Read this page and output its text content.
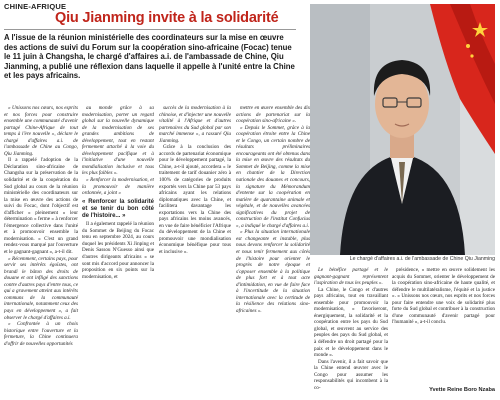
CHINE-AFRIQUE
Qiu Jianming invite à la solidarité

A l'issue de la réunion ministérielle des coordinateurs sur la mise en œuvre des actions de suivi du Forum sur la coopération sino-africaine (Focac) tenue le 11 juin à Changsha, le chargé d'affaires a.i. de l'ambassade de Chine, Qiu Jianming, a publié une réflexion dans laquelle il appelle à l'unité entre la Chine et les pays africains.

« Unissons nos cœurs, nos esprits et nos forces pour construire ensemble une communauté d'avenir partagé Chine-Afrique de tout temps à l'ère nouvelle », déclare le chargé d'affaires a.i. de l'ambassade de Chine au Congo, Qiu Jianming.

Il a rappelé l'adoption de la Déclaration sino-africaine de Changsha sur la préservation de la solidarité et de la coopération du Sud global au cours de la réunion ministérielle des coordinateurs sur la mise en œuvre des actions de suivi du Focac, dont l'objectif est d'afficher « pleinement » leur détermination « ferme » à renforcer l'émergence collective dans l'unité et à promouvoir ensemble la modernisation. « C'est un grand rendez-vous marqué par l'ouverture et le gagnant-gagnant », a-t-il dit.

« Récemment, certains pays, pour servir ses intérêts égoïstes, ont brandi le bâton des droits de douane et ont infligé des sanctions contre d'autres pays d'entre tous, ce qui a gravement atteint aux intérêts communs de la communauté internationale, notamment ceux des pays en développement », a fait observer le chargé d'affaires a.i.

« Confrontée à un choix historique entre l'ouverture et la fermeture, la Chine continuera d'offrir de nouvelles opportunités

au monde grâce à sa modernisation, porter un regard global sur la nouvelle dynamique de la modernisation de ses grandes ambitions de développement, tout en restant fermement attaché à la voie du développement pacifique et à l'initiative d'une nouvelle mondialisation inclusive et tous les plus faibles ».

« Renforcer la modernisation, et la promouvoir de manière ordonnée, a joint »

« Renforcer la solidarité et se tenir du bon côté de l'histoire... »

Il a également rappelé la réunion du Sommet de Beijing du Focac tenu en septembre 2024, au cours duquel les présidents Xi Jinping et Denis Sassou N'Guesso ainsi que d'autres dirigeants africains « se sont mis d'accord pour annoncer la proposition en six points sur la modernisation, et

succès de la modernisation à la chinoise, et d'injecter une nouvelle vitalité à l'Afrique et d'autres partenaires du Sud global par son marché immense », a rassuré Qiu Jianming.

Grâce à la conclusion des accords de partenariat économique pour le développement partagé, la Chine, a-t-il ajouté, accordera « le traitement de tarif douanier zéro à 100% de catégories de produits exportés vers la Chine par 53 pays africains ayant les relations diplomatiques avec la Chine, et facilitera davantage les exportations vers la Chine des pays africains les moins avancés, en vue de faire bénéficier l'Afrique du développement de la Chine et promouvoir une mondialisation économique bénéfique pour tous et inclusive ».

mettre en œuvre ensemble des dix actions de partenariat sur la coopération sino-africaine ».

« Depuis le Sommet, grâce à la coopération étroite entre la Chine et le Congo, un certain nombre de résultats préliminaires encourageants ont été obtenus dans la mise en œuvre des résultats du Sommet de Beijing, comme la mise en chantier de la Direction nationale des douanes et concours, la signature du Mémorandum d'entente sur la coopération en matière de quarantaine animale et végétale, et de nouvelles avancées significatives du projet de construction de l'institut Confucius », a indiqué le chargé d'affaires a.i.

« Plus la situation internationale est changeante et instable, plus nous devons renforcer la solidarité et nous tenir fermement aux côtés de l'histoire pour orienter le progrès de notre époque et s'opposer ensemble à la politique de plus fort et à tout acte d'intimidation, en vue de faire face à l'incertitude de la situation internationale avec la certitude de la résilience des relations sino-africaines ».

Le bénéfice partagé et le gagnant-gagnant représentent l'aspiration de tous les peuples ».

La Chine, le Congo et d'autres pays africains, tout en travaillant ensemble pour promouvoir la modernisation, « favoriseront, énergiquement, la solidarité et la coopération entre les pays du Sud global, et œuvrent au service des peuples des pays du Sud global, et à défendre un droit partagé pour la paix et le développement dans le monde ».

Dans l'avenir, il a fait savoir que la Chine entend œuvrer avec le Congo pour assumer les responsabilités qui incombent à la co-

présidence, « mettre en œuvre solidement les acquis du Sommet, orienter le développement de la coopération sino-africaine de haute qualité, et défendre le multilatéralisme, l'équité et la justice ». « Unissons nos cœurs, nos esprits et nos forces pour faire entendre une voix de solidarité plus forte du Sud global et contribuer à la construction d'une communauté d'avenir partagé pour l'humanité », a-t-il conclu.

Le chargé d'affaires a.i. de l'ambassade de Chine Qiu Jianming
Yvette Reine Boro Nzaba
